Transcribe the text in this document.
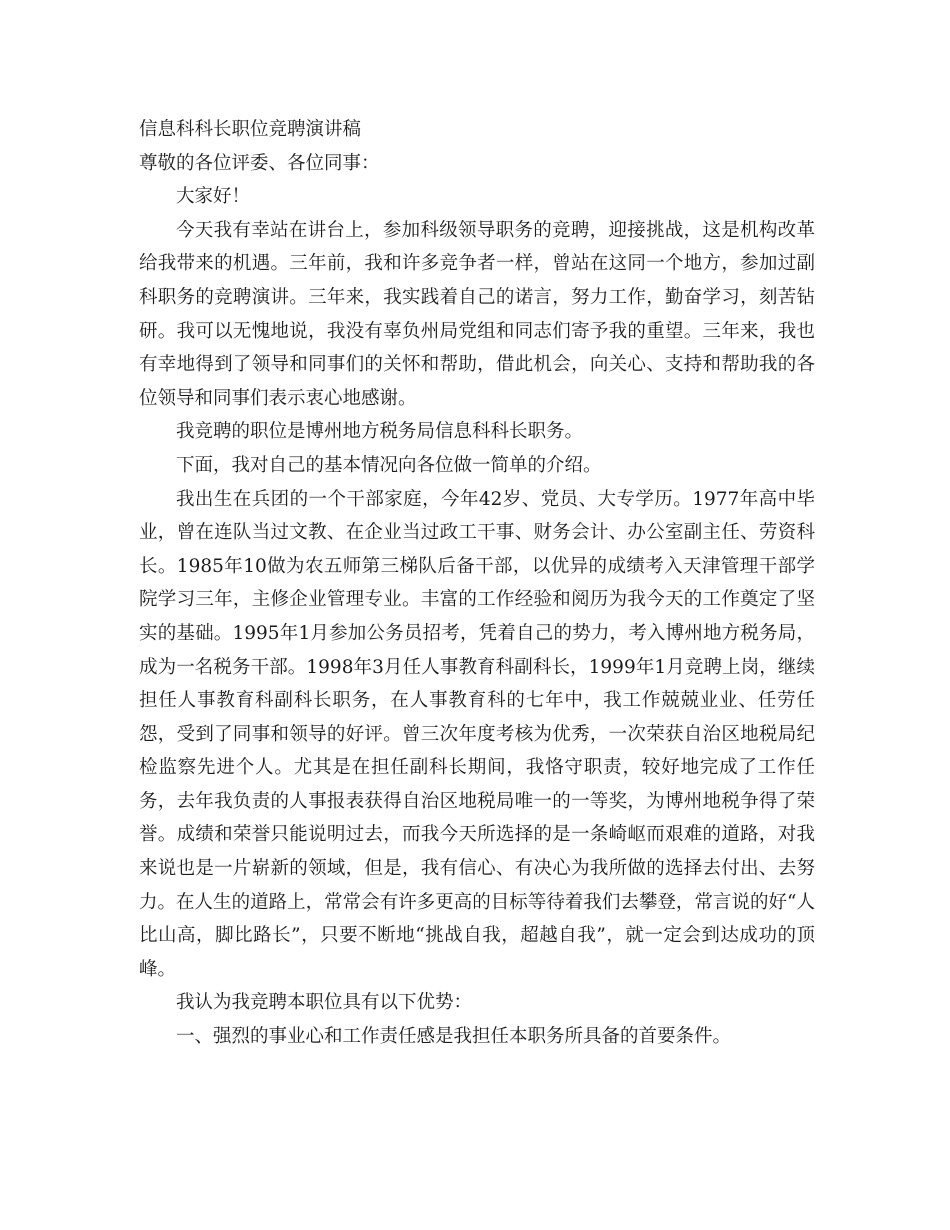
信息科科长职位竞聘演讲稿

尊敬的各位评委、各位同事：

大家好！

今天我有幸站在讲台上，参加科级领导职务的竞聘，迎接挑战，这是机构改革给我带来的机遇。三年前，我和许多竞争者一样，曾站在这同一个地方，参加过副科职务的竞聘演讲。三年来，我实践着自己的诺言，努力工作，勤奋学习，刻苦钻研。我可以无愧地说，我没有辜负州局党组和同志们寄予我的重望。三年来，我也有幸地得到了领导和同事们的关怀和帮助，借此机会，向关心、支持和帮助我的各位领导和同事们表示衷心地感谢。

我竞聘的职位是博州地方税务局信息科科长职务。

下面，我对自己的基本情况向各位做一简单的介绍。

我出生在兵团的一个干部家庭，今年42岁、党员、大专学历。1977年高中毕业，曾在连队当过文教、在企业当过政工干事、财务会计、办公室副主任、劳资科长。1985年10做为农五师第三梯队后备干部，以优异的成绩考入天津管理干部学院学习三年，主修企业管理专业。丰富的工作经验和阅历为我今天的工作奠定了坚实的基础。1995年1月参加公务员招考，凭着自己的势力，考入博州地方税务局，成为一名税务干部。1998年3月任人事教育科副科长，1999年1月竞聘上岗，继续担任人事教育科副科长职务，在人事教育科的七年中，我工作兢兢业业、任劳任怨，受到了同事和领导的好评。曾三次年度考核为优秀，一次荣获自治区地税局纪检监察先进个人。尤其是在担任副科长期间，我恪守职责，较好地完成了工作任务，去年我负责的人事报表获得自治区地税局唯一的一等奖，为博州地税争得了荣誉。成绩和荣誉只能说明过去，而我今天所选择的是一条崎岖而艰难的道路，对我来说也是一片崭新的领域，但是，我有信心、有决心为我所做的选择去付出、去努力。在人生的道路上，常常会有许多更高的目标等待着我们去攀登，常言说的好“人比山高，脚比路长”，只要不断地“挑战自我，超越自我”，就一定会到达成功的顶峰。

我认为我竞聘本职位具有以下优势：

一、强烈的事业心和工作责任感是我担任本职务所具备的首要条件。
